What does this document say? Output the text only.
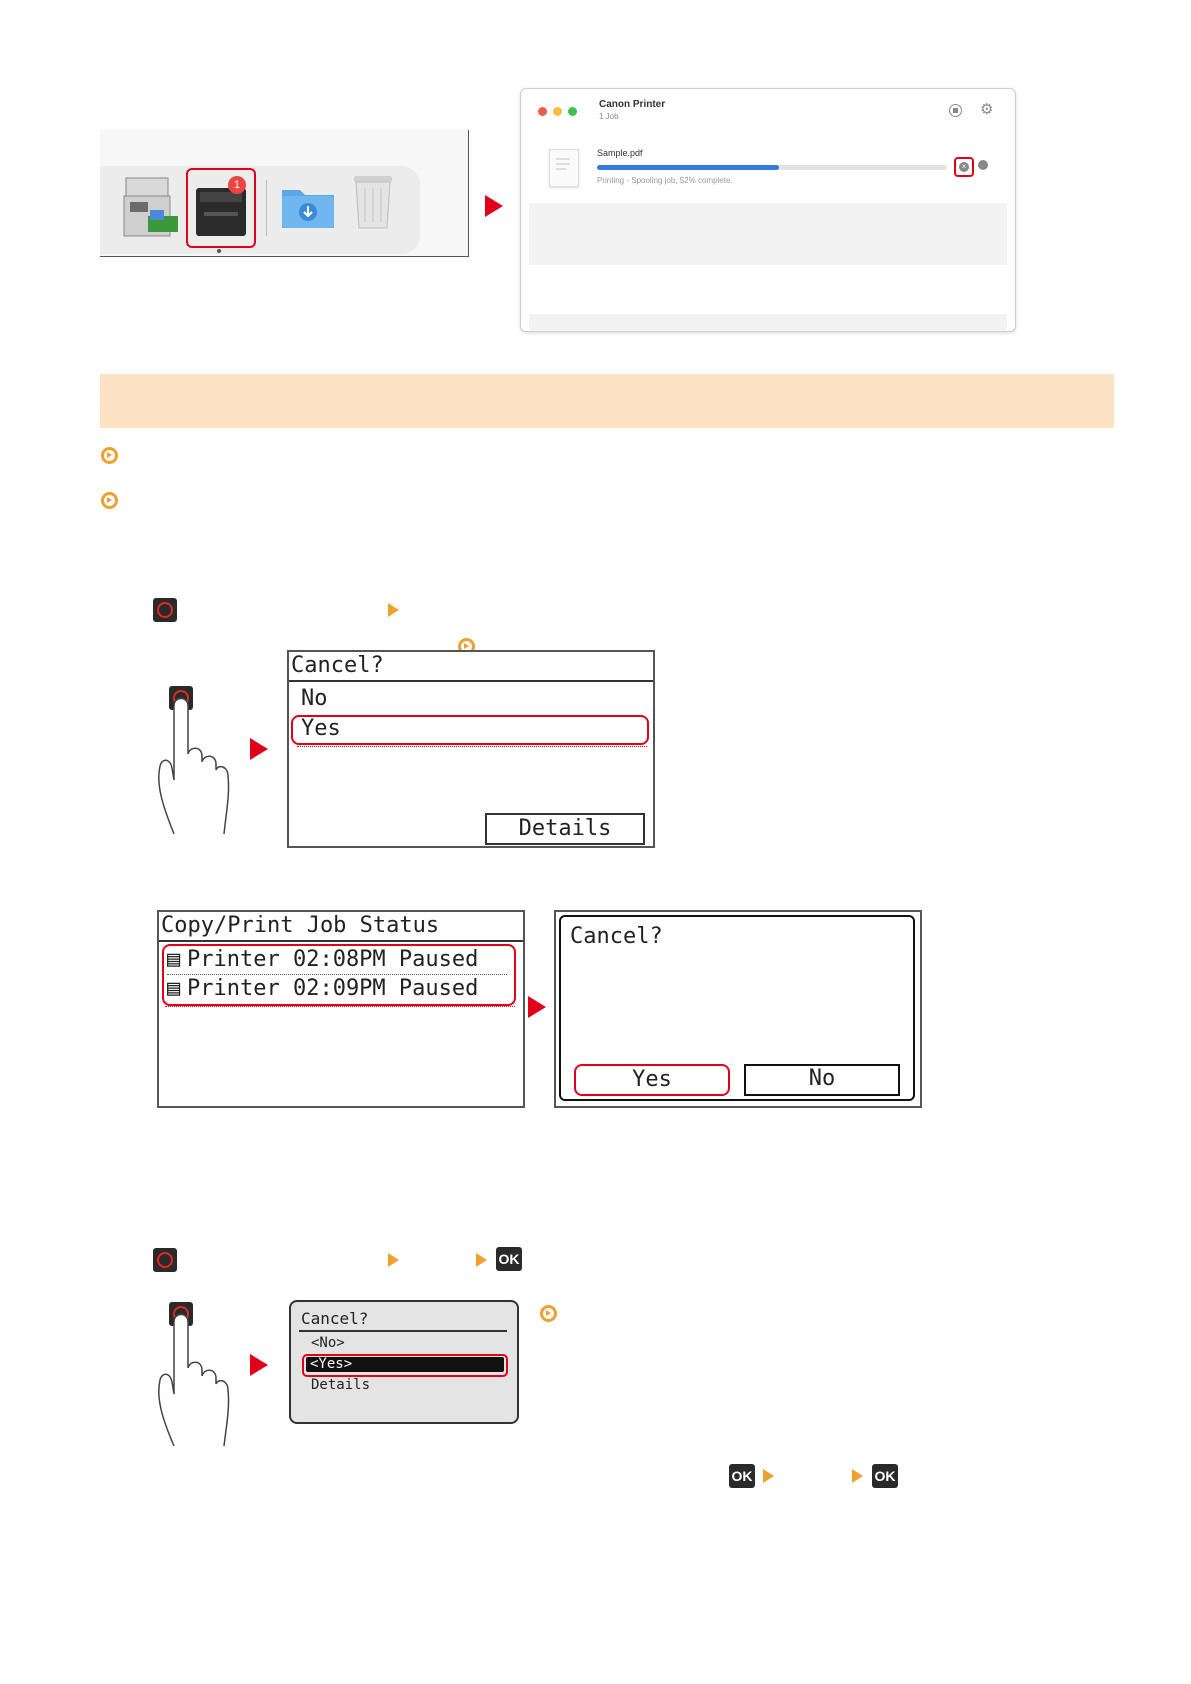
1
Canon Printer
1 Job	⚙
Sample.pdf
Printing - Spooling job, 52% complete.
×
Cancel?
No
Yes
Details
Copy/Print Job Status
▤ Printer 02:08PM Paused
▤ Printer 02:09PM Paused
Cancel?
Yes	No
OK
Cancel?
<No>
<Yes>
Details
OK	OK
